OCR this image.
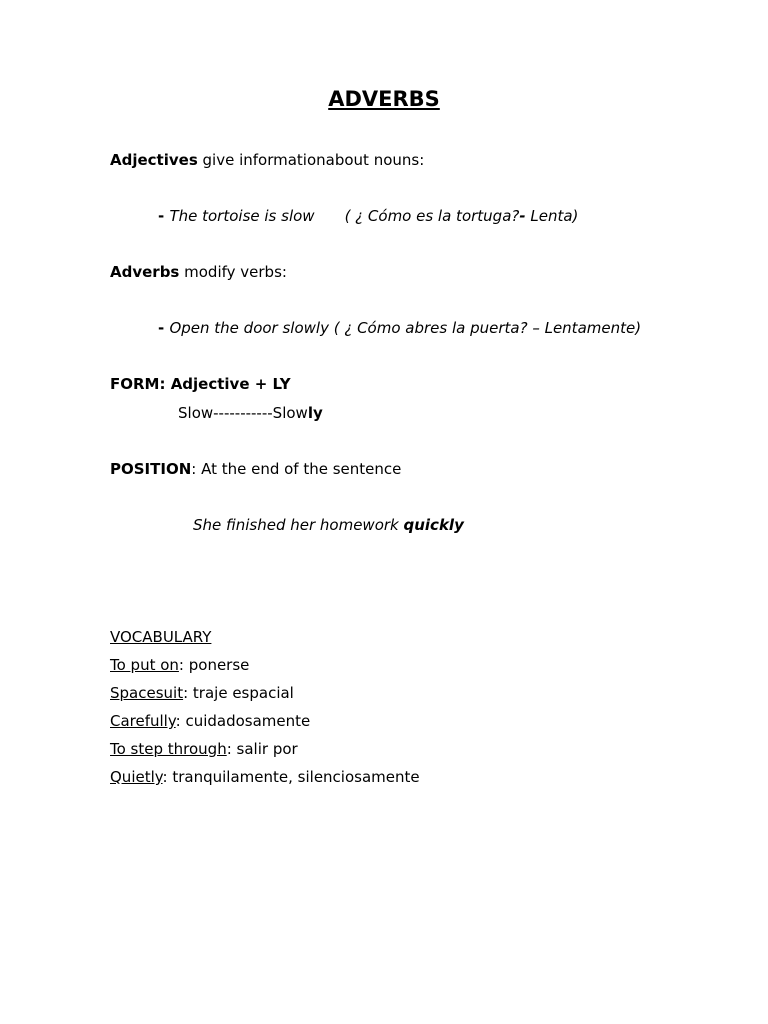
ADVERBS
Adjectives give informationabout nouns:
- The tortoise is slow ( ¿ Cómo es la tortuga?- Lenta)
Adverbs modify verbs:
- Open the door slowly ( ¿ Cómo abres la puerta? – Lentamente)
FORM: Adjective + LY
Slow-----------Slowly
POSITION: At the end of the sentence
She finished her homework quickly
VOCABULARY
To put on: ponerse
Spacesuit: traje espacial
Carefully: cuidadosamente
To step through: salir por
Quietly: tranquilamente, silenciosamente
